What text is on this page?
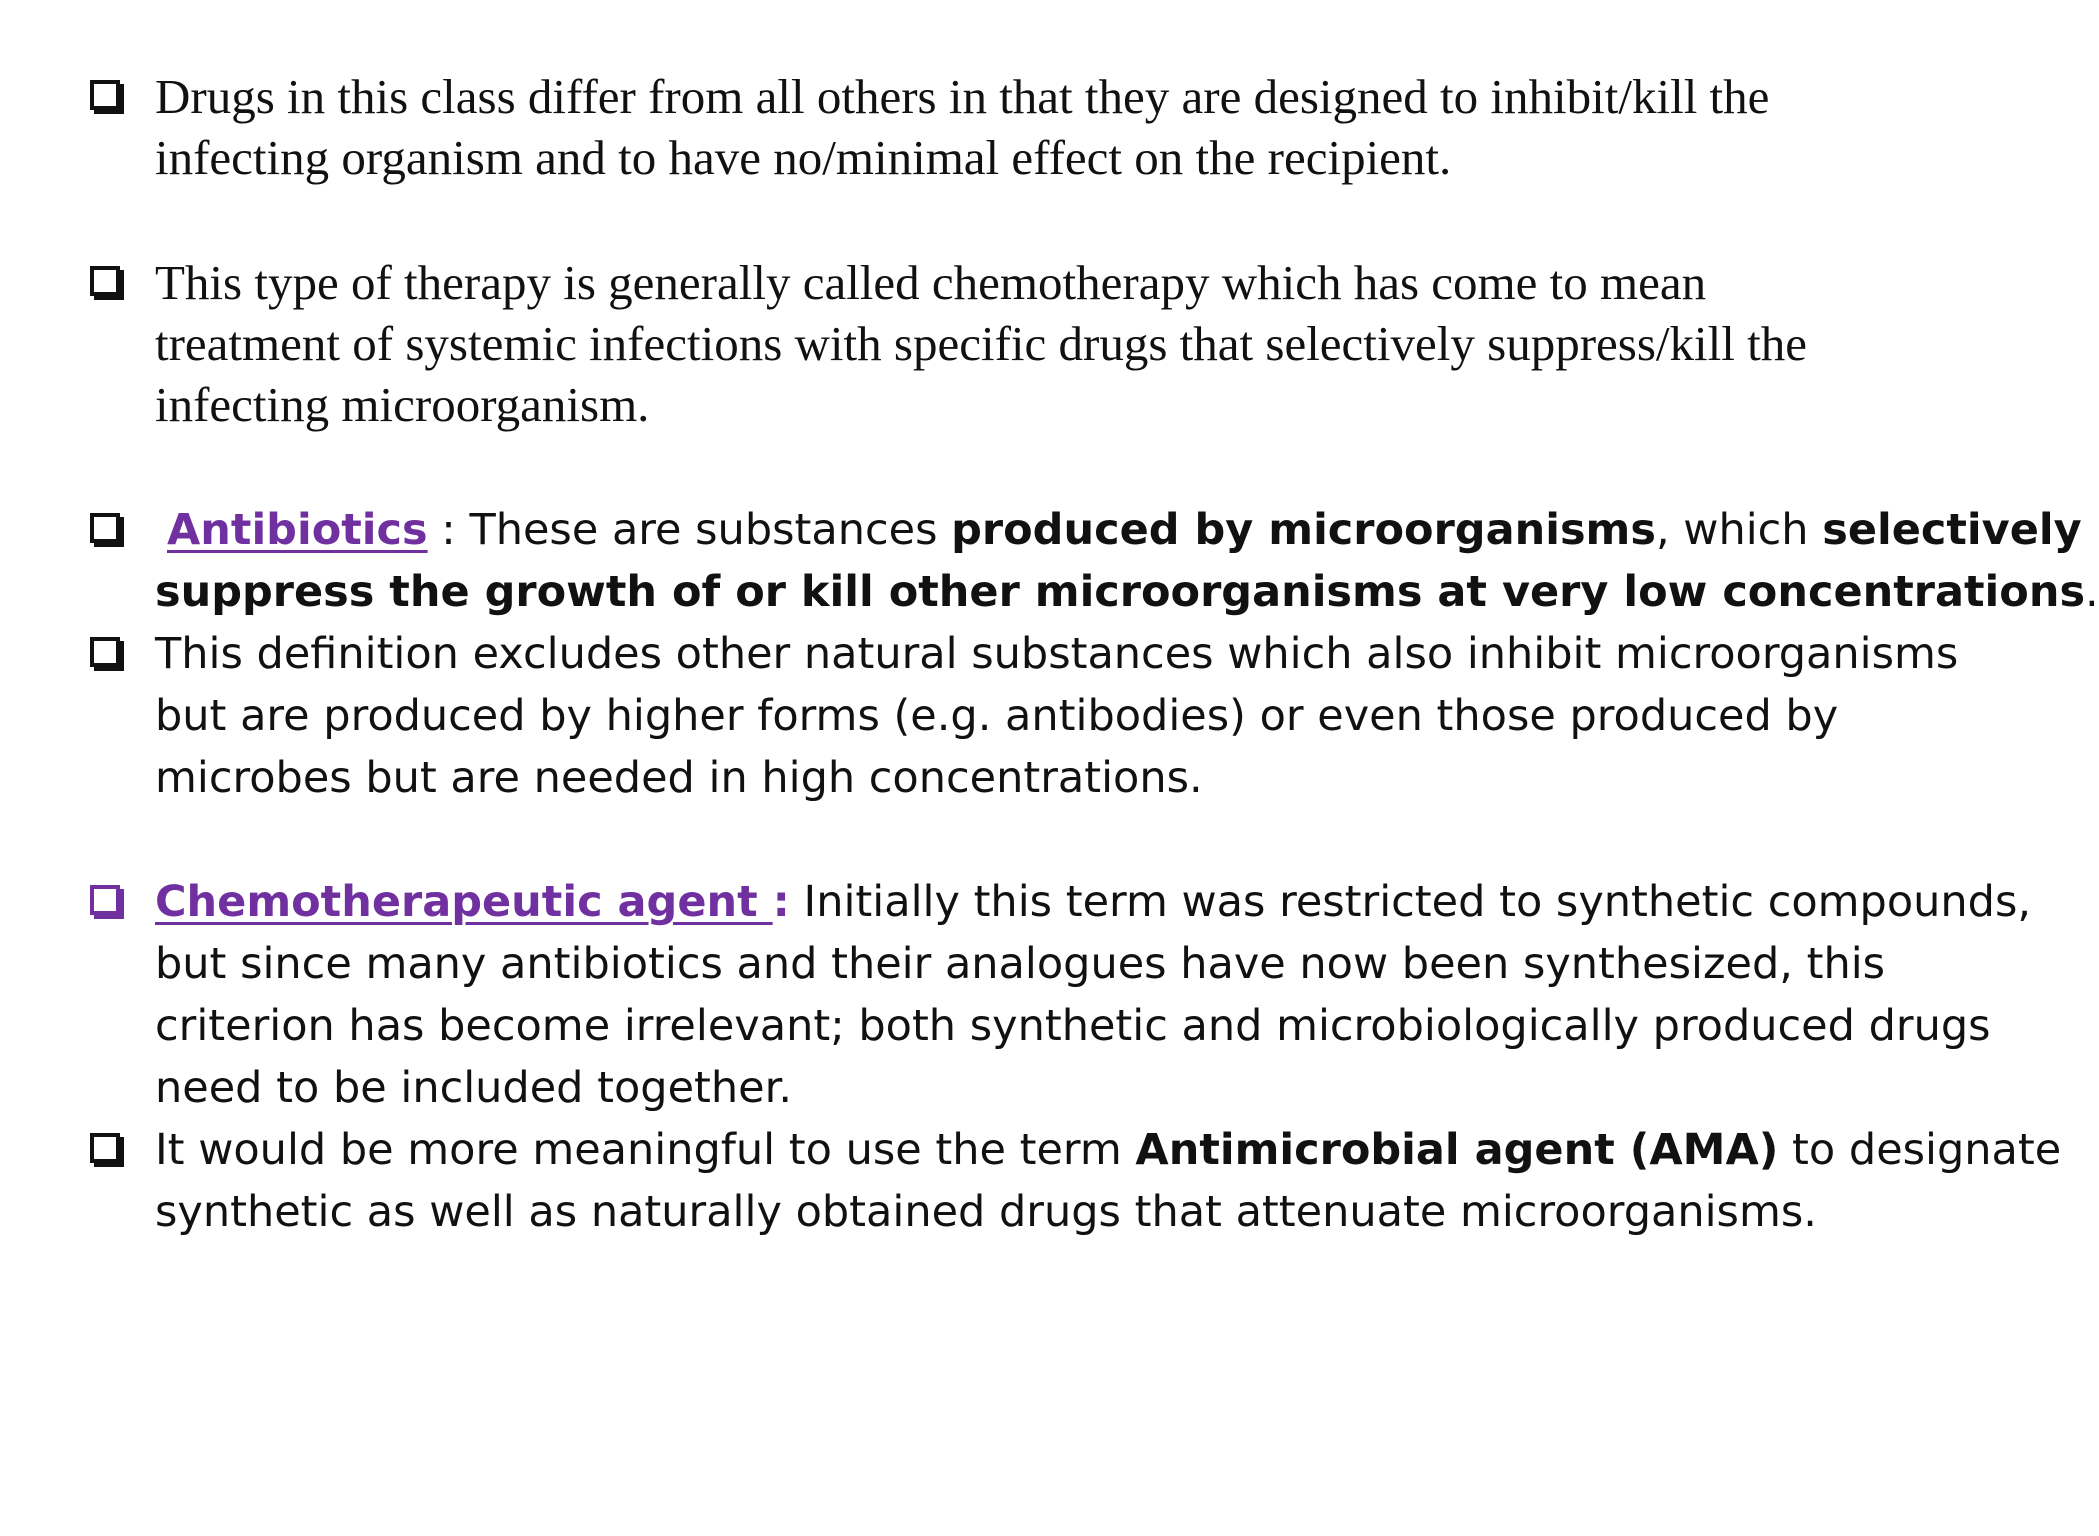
Drugs in this class differ from all others in that they are designed to inhibit/kill the
infecting organism and to have no/minimal effect on the recipient.
This type of therapy is generally called chemotherapy which has come to mean
treatment of systemic infections with specific drugs that selectively suppress/kill the
infecting microorganism.
Antibiotics : These are substances produced by microorganisms, which selectively
suppress the growth of or kill other microorganisms at very low concentrations.
This definition excludes other natural substances which also inhibit microorganisms
but are produced by higher forms (e.g. antibodies) or even those produced by
microbes but are needed in high concentrations.
Chemotherapeutic agent : Initially this term was restricted to synthetic compounds,
but since many antibiotics and their analogues have now been synthesized, this
criterion has become irrelevant; both synthetic and microbiologically produced drugs
need to be included together.
It would be more meaningful to use the term Antimicrobial agent (AMA) to designate
synthetic as well as naturally obtained drugs that attenuate microorganisms.
